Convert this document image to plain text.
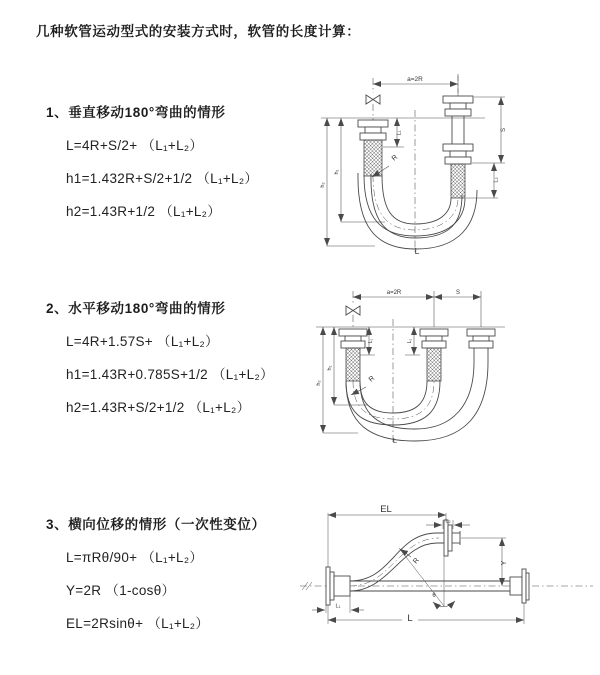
几种软管运动型式的安装方式时，软管的长度计算：
1、垂直移动180°弯曲的情形
L=4R+S/2+ （L₁+L₂）
h1=1.432R+S/2+1/2 （L₁+L₂）
h2=1.43R+1/2 （L₁+L₂）
2、水平移动180°弯曲的情形
L=4R+1.57S+ （L₁+L₂）
h1=1.43R+0.785S+1/2 （L₁+L₂）
h2=1.43R+S/2+1/2 （L₁+L₂）
3、横向位移的情形（一次性变位）
L=πRθ/90+ （L₁+L₂）
Y=2R （1-cosθ）
EL=2Rsinθ+ （L₁+L₂）
a=2R
L₁
S
L₂
h₁
h₂
R
L
a=2R	S
L₁	L₂
h₁
h₂	R
L
EL
L₂
Y
R
θ
L
L₁
